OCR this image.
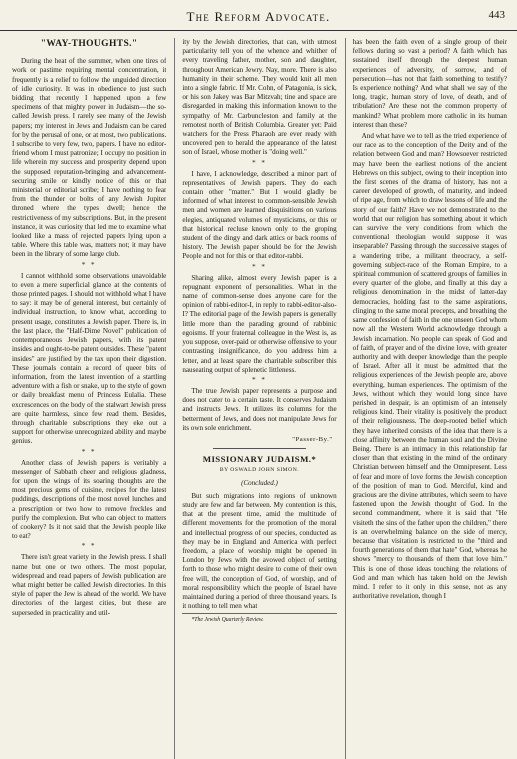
The Reform Advocate.	443
"WAY-THOUGHTS."

During the heat of the summer, when one tires of work or pastime requiring mental concentration, it frequently is a relief to follow the unguided direction of idle curiosity. It was in obedience to just such bidding that recently I happened upon a few specimens of that mighty power in Judaism—the so-called Jewish press. I rarely see many of the Jewish papers; my interest in Jews and Judaism can be cared for by the perusal of one, or at most, two publications. I subscribe to very few, two, papers. I have no editor-friend whom I must patronize; I occupy no position in life wherein my success and prosperity depend upon the supposed reputation-bringing and advancement-securing smile or kindly notice of this or that ministerial or editorial scribe; I have nothing to fear from the thunder or bolts of any Jewish Jupiter throned where the types dwell; hence the restrictiveness of my subscriptions. But, in the present instance, it was curiosity that led me to examine what looked like a mass of rejected papers lying upon a table. Where this table was, matters not; it may have been in the library of some large club.

* *

I cannot withhold some observations unavoidable to even a mere superficial glance at the contents of those printed pages. I should not withhold what I have to say: it may be of general interest, but certainly of individual instruction, to know what, according to present usage, constitutes a Jewish paper. There is, in the last place, the "Half-Dime Novel" publication of contemporaneous Jewish papers, with its patent insides and ought-to-be patent outsides. These "patent insides" are justified by the tax upon their digestion. These journals contain a record of queer bits of information, from the latest invention of a startling adventure with a fish or snake, up to the style of gown or daily breakfast menu of Princess Eulalia. These excrescences on the body of the stalwart Jewish press are quite harmless, since few read them. Besides, through charitable subscriptions they eke out a support for otherwise unrecognized ability and maybe genius.

* *

Another class of Jewish papers is veritably a messenger of Sabbath cheer and religious gladness, for upon the wings of its soaring thoughts are the most precious gems of cuisine, recipes for the latest puddings, descriptions of the most novel lunches and a prescription or two how to remove freckles and purify the complexion. But who can object to matters of cookery? Is it not said that the Jewish people like to eat?

* *

There isn't great variety in the Jewish press. I shall name but one or two others. The most popular, widespread and read papers of Jewish publication are what might better be called Jewish directories. In this style of paper the Jew is ahead of the world. We have directories of the largest cities, but these are superseded in practicality and util-

ity by the Jewish directories, that can, with utmost particularity tell you of the whence and whither of every traveling father, mother, son and daughter, throughout American Jewry. Nay, more. There is also humanity in their scheme. They would knit all men into a single fabric. If Mr. Cohn, of Patagonia, is sick, or his son Jakey was Bar Mitzvah; tine and space are disregarded in making this information known to the sympathy of Mr. Carbuncleston and family at the remotest north of British Columbia. Greater yet: Paid watchers for the Press Pharaoh are ever ready with uncovered pen to herald the appearance of the latest son of Israel, whose mother is "doing well."

* *

I have, I acknowledge, described a minor part of representatives of Jewish papers. They do each contain other "matter." But I would gladly be informed of what interest to common-sensible Jewish men and women are learned disquisitions on various elegies, antiquated volumes of mysticisms, or this or that historical recluse known only to the groping student of the dingy and dark attics or back rooms of history. The Jewish paper should be for the Jewish People and not for this or that editor-rabbi.

* *

Sharing alike, almost every Jewish paper is a repugnant exponent of personalities. What in the name of common-sense does anyone care for the opinion of rabbi-editor-I, in reply to rabbi-editor-also-I? The editorial page of the Jewish papers is generally little more than the parading ground of rabbinic egoisms. If your fraternal colleague in the West is, as you suppose, over-paid or otherwise offensive to your contrasting insignificance, do you address him a letter, and at least spare the charitable subscriber this nauseating output of splenetic littleness.

* *

The true Jewish paper represents a purpose and does not cater to a certain taste. It conserves Judaism and instructs Jews. It utilizes its columns for the betterment of Jews, and does not manipulate Jews for its own sole enrichment.

"Passer-By."
MISSIONARY JUDAISM.*
BY OSWALD JOHN SIMON.
(Concluded.)

But such migrations into regions of unknown study are few and far between. My contention is this, that at the present time, amid the multitude of different movements for the promotion of the moral and intellectual progress of our species, conducted as they may be in England and America with perfect freedom, a place of worship might be opened in London by Jews with the avowed object of setting forth to those who might desire to come of their own free will, the conception of God, of worship, and of moral responsibility which the people of Israel have maintained during a period of three thousand years. Is it nothing to tell men what

*The Jewish Quarterly Review.

has been the faith even of a single group of their fellows during so vast a period? A faith which has sustained itself through the deepest human experiences of adversity, of sorrow, and of persecution—has not that faith something to testify? Is experience nothing? And what shall we say of the long, tragic, human story of love, of death, and of tribulation? Are these not the common property of mankind? What problem more catholic in its human interest than these?

And what have we to tell as the tried experience of our race as to the conception of the Deity and of the relation between God and man? Howsoever restricted may have been the earliest notions of the ancient Hebrews on this subject, owing to their inception into the first scenes of the drama of history, has not a career developed of growth, of maturity, and indeed of ripe age, from which to draw lessons of life and the story of our faith? Have we not demonstrated to the world that our religion has something about it which can survive the very conditions from which the conventional theologian would suppose it was inseparable? Passing through the successive stages of a wandering tribe, a militant theocracy, a self-governing subject-race of the Roman Empire, to a spiritual communion of scattered groups of families in every quarter of the globe, and finally at this day a religious denomination in the midst of latter-day democracies, holding fast to the same aspirations, clinging to the same moral precepts, and breathing the same confession of faith in the one unseen God whom now all the Western World acknowledge through a Jewish incarnation. No people can speak of God and of faith, of prayer and of the divine love, with greater authority and with deeper knowledge than the people of Israel. After all it must be admitted that the religious experiences of the Jewish people are, above everything, human experiences. The optimism of the Jews, without which they would long since have perished in despair, is an optimism of an intensely religious kind. Their vitality is positively the product of their religiousness. The deep-rooted belief which they have inherited consists of the idea that there is a close affinity between the human soul and the Divine Being. There is an intimacy in this relationship far closer than that existing in the mind of the ordinary Christian between himself and the Omnipresent. Less of fear and more of love forms the Jewish conception of the position of man to God. Merciful, kind and gracious are the divine attributes, which seem to have fastened upon the Jewish thought of God. In the second commandment, where it is said that "He visiteth the sins of the father upon the children," there is an overwhelming balance on the side of mercy, because that visitation is restricted to the "third and fourth generations of them that hate" God, whereas he shows "mercy to thousands of them that love him." This is one of those ideas touching the relations of God and man which has taken hold on the Jewish mind. I refer to it only in this sense, not as any authoritative revelation, though I
